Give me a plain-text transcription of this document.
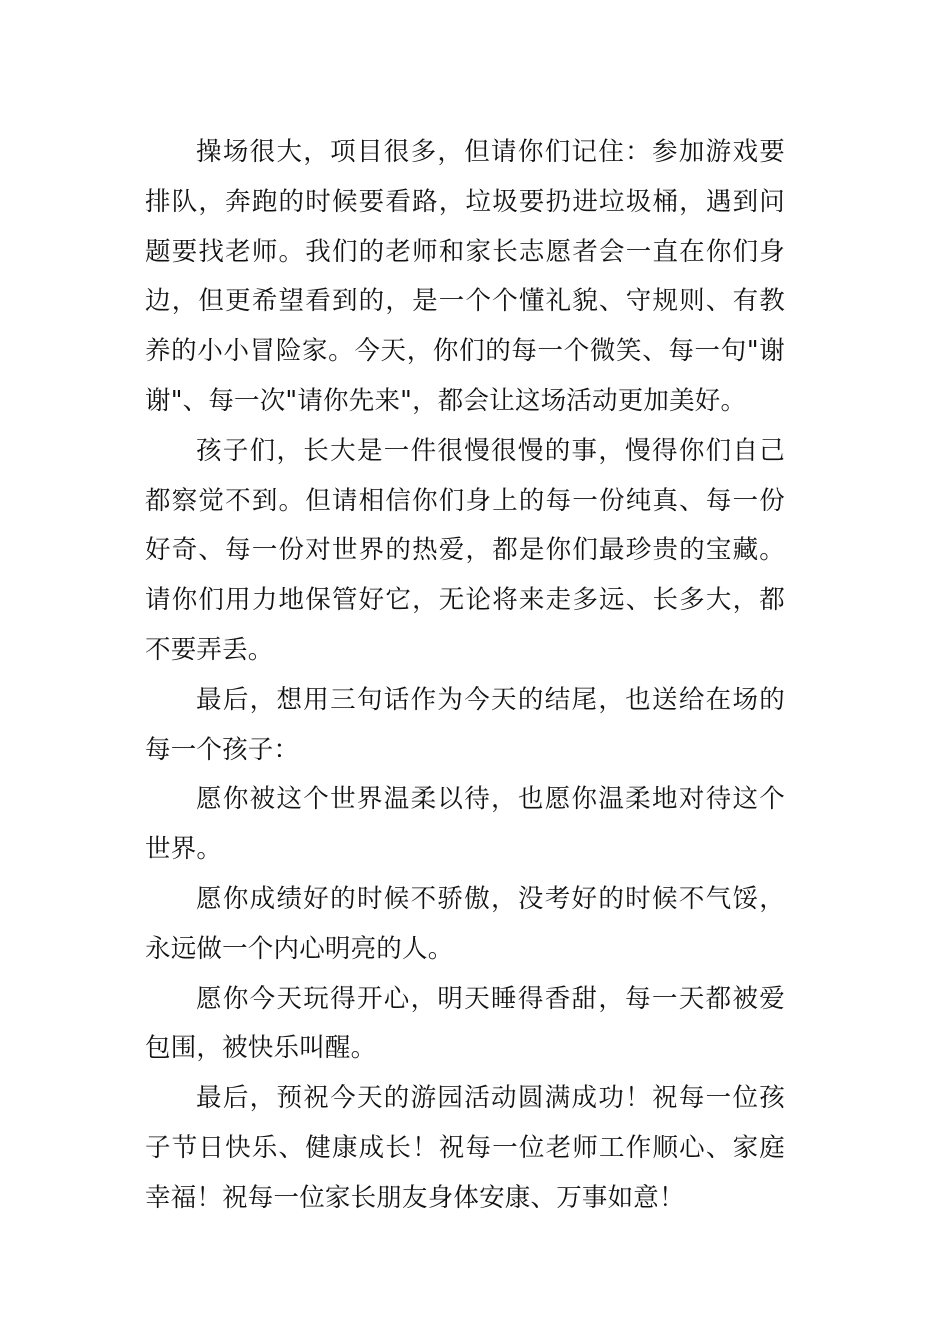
操场很大，项目很多，但请你们记住：参加游戏要排队，奔跑的时候要看路，垃圾要扔进垃圾桶，遇到问题要找老师。我们的老师和家长志愿者会一直在你们身边，但更希望看到的，是一个个懂礼貌、守规则、有教养的小小冒险家。今天，你们的每一个微笑、每一句"谢谢"、每一次"请你先来"，都会让这场活动更加美好。

孩子们，长大是一件很慢很慢的事，慢得你们自己都察觉不到。但请相信你们身上的每一份纯真、每一份好奇、每一份对世界的热爱，都是你们最珍贵的宝藏。请你们用力地保管好它，无论将来走多远、长多大，都不要弄丢。

最后，想用三句话作为今天的结尾，也送给在场的每一个孩子：

愿你被这个世界温柔以待，也愿你温柔地对待这个世界。

愿你成绩好的时候不骄傲，没考好的时候不气馁，永远做一个内心明亮的人。

愿你今天玩得开心，明天睡得香甜，每一天都被爱包围，被快乐叫醒。

最后，预祝今天的游园活动圆满成功！祝每一位孩子节日快乐、健康成长！祝每一位老师工作顺心、家庭幸福！祝每一位家长朋友身体安康、万事如意！
